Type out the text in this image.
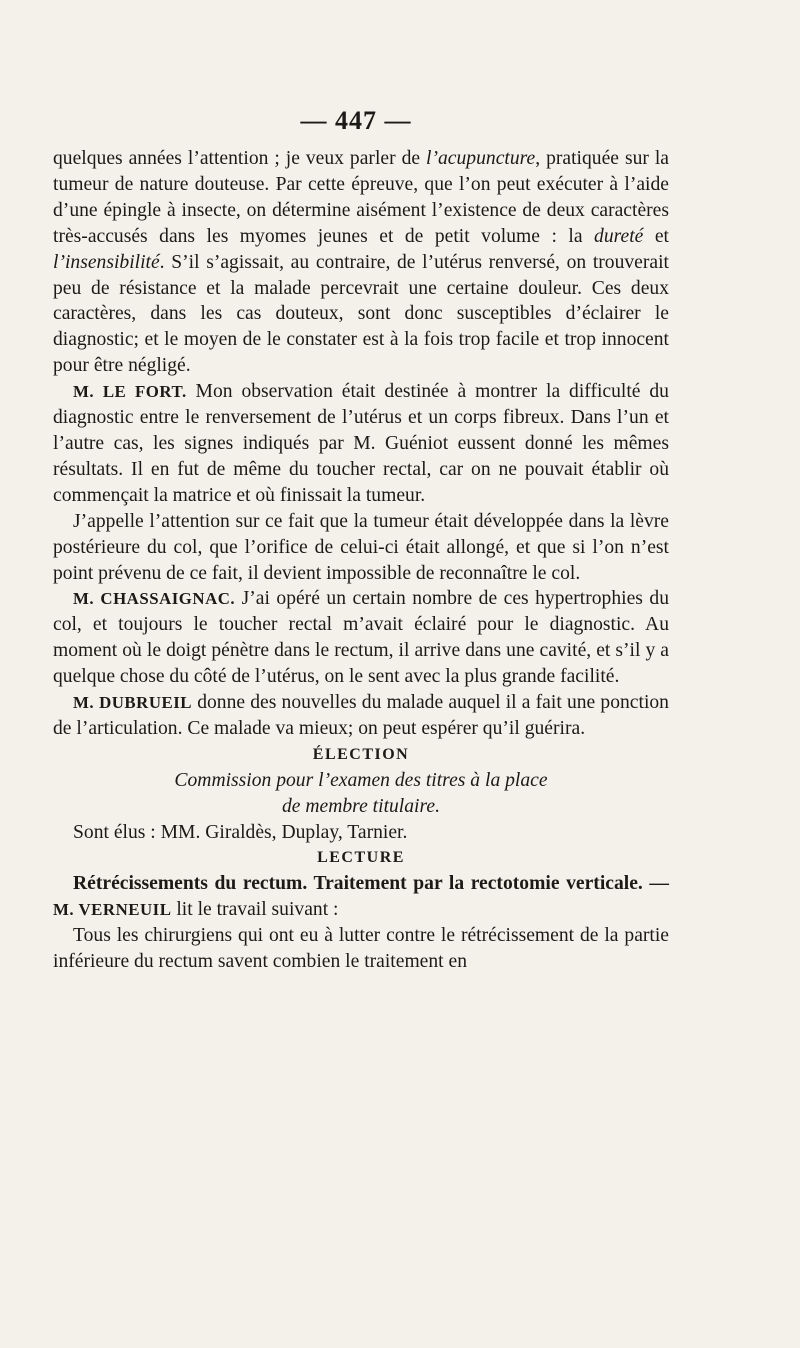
— 447 —

quelques années l’attention ; je veux parler de l’acupuncture, pratiquée sur la tumeur de nature douteuse. Par cette épreuve, que l’on peut exécuter à l’aide d’une épingle à insecte, on détermine aisément l’existence de deux caractères très-accusés dans les myomes jeunes et de petit volume : la dureté et l’insensibilité. S’il s’agissait, au contraire, de l’utérus renversé, on trouverait peu de résistance et la malade percevrait une certaine douleur. Ces deux caractères, dans les cas douteux, sont donc susceptibles d’éclairer le diagnostic; et le moyen de le constater est à la fois trop facile et trop innocent pour être négligé.

M. LE FORT. Mon observation était destinée à montrer la difficulté du diagnostic entre le renversement de l’utérus et un corps fibreux. Dans l’un et l’autre cas, les signes indiqués par M. Guéniot eussent donné les mêmes résultats. Il en fut de même du toucher rectal, car on ne pouvait établir où commençait la matrice et où finissait la tumeur.

J’appelle l’attention sur ce fait que la tumeur était développée dans la lèvre postérieure du col, que l’orifice de celui-ci était allongé, et que si l’on n’est point prévenu de ce fait, il devient impossible de reconnaître le col.

M. CHASSAIGNAC. J’ai opéré un certain nombre de ces hypertrophies du col, et toujours le toucher rectal m’avait éclairé pour le diagnostic. Au moment où le doigt pénètre dans le rectum, il arrive dans une cavité, et s’il y a quelque chose du côté de l’utérus, on le sent avec la plus grande facilité.

M. DUBRUEIL donne des nouvelles du malade auquel il a fait une ponction de l’articulation. Ce malade va mieux; on peut espérer qu’il guérira.

ÉLECTION

Commission pour l’examen des titres à la place
de membre titulaire.

Sont élus : MM. Giraldès, Duplay, Tarnier.

LECTURE

Rétrécissements du rectum. Traitement par la rectotomie verticale. — M. VERNEUIL lit le travail suivant :

Tous les chirurgiens qui ont eu à lutter contre le rétrécissement de la partie inférieure du rectum savent combien le traitement en
